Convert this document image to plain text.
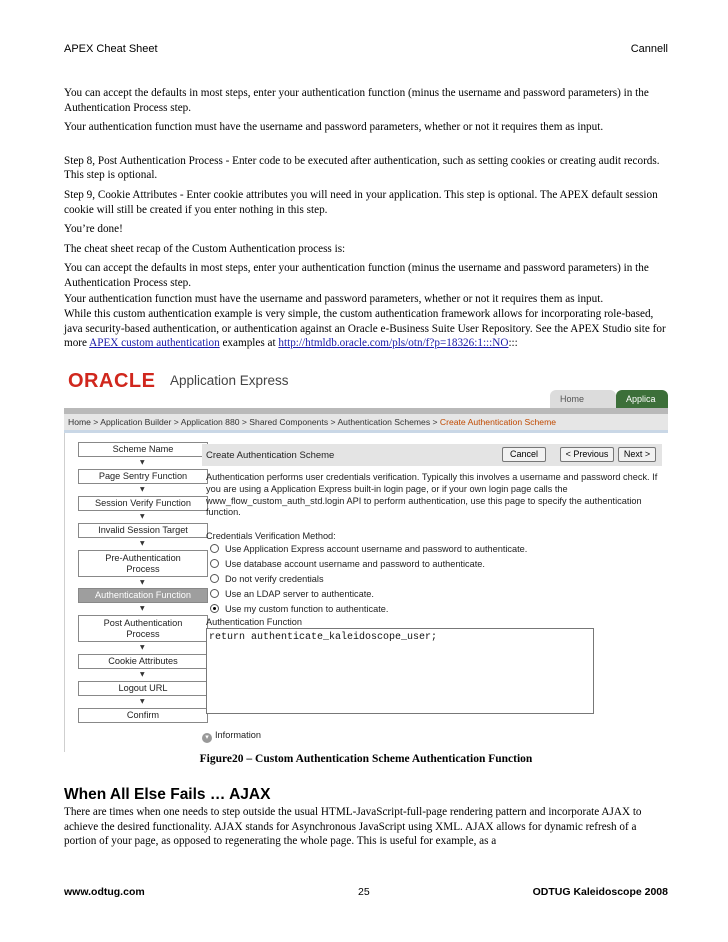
APEX Cheat Sheet	Cannell

You can accept the defaults in most steps, enter your authentication function (minus the username and password parameters) in the Authentication Process step.

Your authentication function must have the username and password parameters, whether or not it requires them as input.

Step 8, Post Authentication Process - Enter code to be executed after authentication, such as setting cookies or creating audit records. This step is optional.

Step 9, Cookie Attributes - Enter cookie attributes you will need in your application. This step is optional. The APEX default session cookie will still be created if you enter nothing in this step.

You’re done!

The cheat sheet recap of the Custom Authentication process is:

You can accept the defaults in most steps, enter your authentication function (minus the username and password parameters) in the Authentication Process step.

Your authentication function must have the username and password parameters, whether or not it requires them as input.

While this custom authentication example is very simple, the custom authentication framework allows for incorporating role-based, java security-based authentication, or authentication against an Oracle e-Business Suite User Repository. See the APEX Studio site for more APEX custom authentication examples at http://htmldb.oracle.com/pls/otn/f?p=18326:1:::NO:::

ORACLE Application Express
Home	Applica
Home > Application Builder > Application 880 > Shared Components > Authentication Schemes > Create Authentication Scheme
Scheme Name
▼
Page Sentry Function
▼
Session Verify Function
▼
Invalid Session Target
▼
Pre-Authentication
Process
▼
Authentication Function
▼
Post Authentication
Process
▼
Cookie Attributes
▼
Logout URL
▼
Confirm
Create Authentication Scheme	Cancel	< Previous	Next >
Authentication performs user credentials verification. Typically this involves a username and password check. If you are using a Application Express built-in login page, or if your own login page calls the www_flow_custom_auth_std.login API to perform authentication, use this page to specify the authentication function.
Credentials Verification Method:
Use Application Express account username and password to authenticate.
Use database account username and password to authenticate.
Do not verify credentials
Use an LDAP server to authenticate.
Use my custom function to authenticate.
Authentication Function
return authenticate_kaleidoscope_user;
▾ Information
Figure20 – Custom Authentication Scheme Authentication Function
When All Else Fails … AJAX

There are times when one needs to step outside the usual HTML-JavaScript-full-page rendering pattern and incorporate AJAX to achieve the desired functionality. AJAX stands for Asynchronous JavaScript using XML. AJAX allows for dynamic refresh of a portion of your page, as opposed to regenerating the whole page. This is useful for example, as a

www.odtug.com	25	ODTUG Kaleidoscope 2008
